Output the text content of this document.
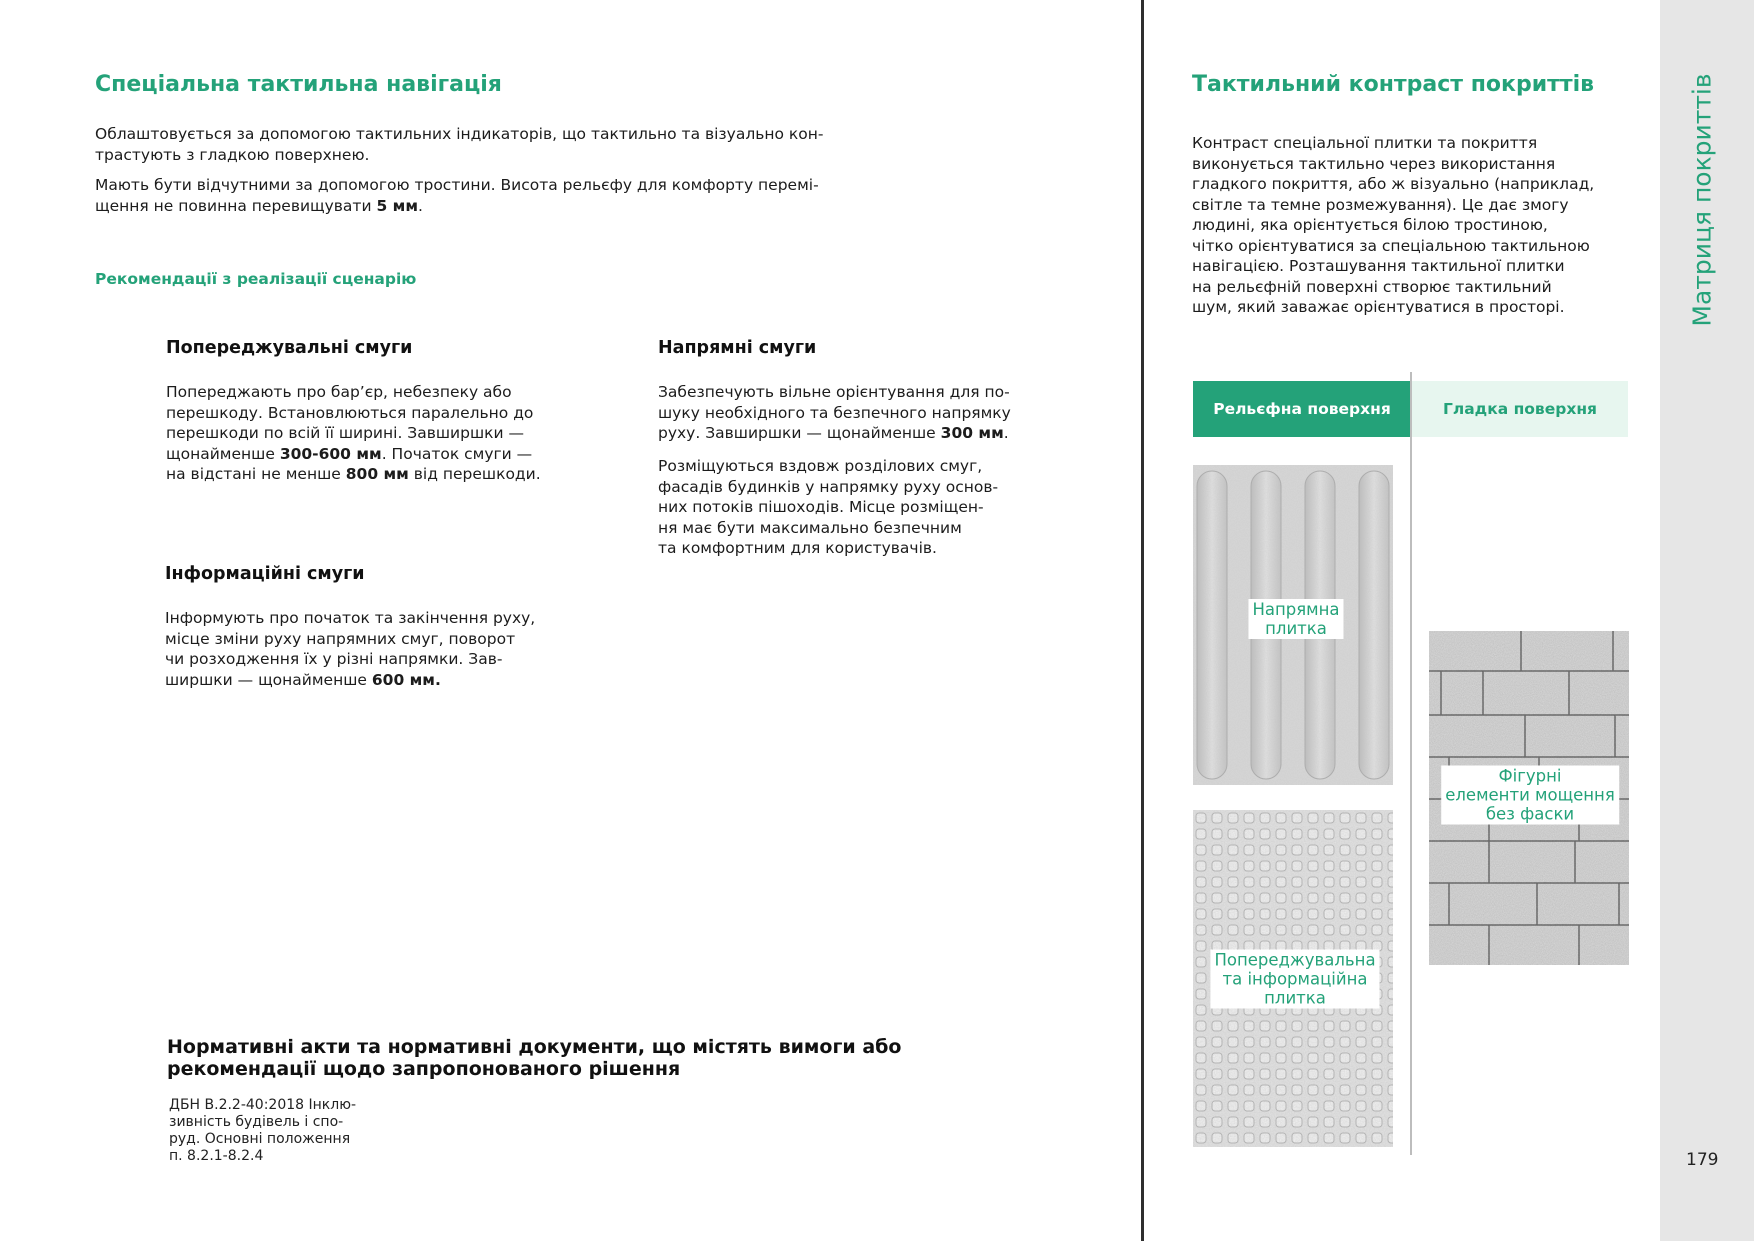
Спеціальна тактильна навігація

Облаштовується за допомогою тактильних індикаторів, що тактильно та візуально кон-
трастують з гладкою поверхнею.

Мають бути відчутними за допомогою тростини. Висота рельєфу для комфорту перемі-
щення не повинна перевищувати 5 мм.

Рекомендації з реалізації сценарію

Попереджувальні смуги

Попереджають про бар’єр, небезпеку або
перешкоду. Встановлюються паралельно до
перешкоди по всій її ширині. Завширшки —
щонайменше 300-600 мм. Початок смуги —
на відстані не менше 800 мм від перешкоди.

Напрямні смуги

Забезпечують вільне орієнтування для по-
шуку необхідного та безпечного напрямку
руху. Завширшки — щонайменше 300 мм.

Розміщуються вздовж розділових смуг,
фасадів будинків у напрямку руху основ-
них потоків пішоходів. Місце розміщен-
ня має бути максимально безпечним
та комфортним для користувачів.

Інформаційні смуги

Інформують про початок та закінчення руху,
місце зміни руху напрямних смуг, поворот
чи розходження їх у різні напрямки. Зав-
ширшки — щонайменше 600 мм.

Нормативні акти та нормативні документи, що містять вимоги або рекомендації щодо запропонованого рішення

ДБН В.2.2-40:2018 Інклю-
зивність будівель і спо-
руд. Основні положення
п. 8.2.1-8.2.4

Тактильний контраст покриттів

Контраст спеціальної плитки та покриття
виконується тактильно через використання
гладкого покриття, або ж візуально (наприклад,
світле та темне розмежування). Це дає змогу
людині, яка орієнтується білою тростиною,
чітко орієнтуватися за спеціальною тактильною
навігацією. Розташування тактильної плитки
на рельєфній поверхні створює тактильний
шум, який заважає орієнтуватися в просторі.

Рельєфна поверхня	Гладка поверхня
Напрямна
плитка
Попереджувальна
та інформаційна
плитка
Фігурні
елементи мощення
без фаски
Матриця покриттів
179
